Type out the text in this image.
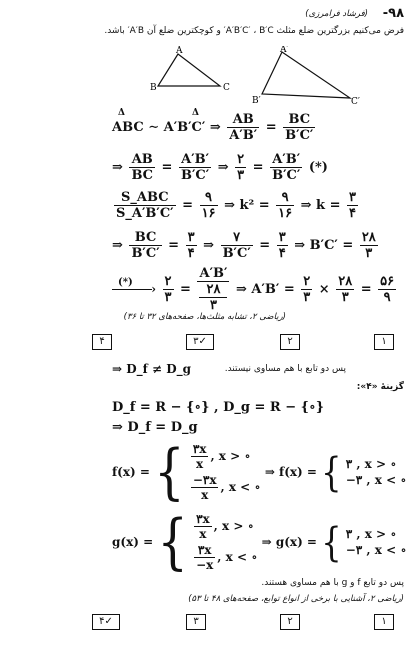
-۹۸
(فرشاد فرامرزی)
فرض می‌کنیم بزرگترین ضلع مثلث A′B′C′ ، B′C′ و کوچکترین ضلع آن A′B′ باشد.
A
B	C
A′
B′	C′
Δ	Δ
ABC ∼ A′B′C′ ⇒ $\frac{AB}{A'B'} = \frac{BC}{B'C'}$
⇒ $\frac{AB}{BC} = \frac{A'B'}{B'C'}$ ⇒ $\frac{۲}{۳} = \frac{A'B'}{B'C'}$ (*)
$\frac{\text{S\_ABC}}{S\_A'B'C'} = \frac{۹}{۱۶}$ ⇒ $k^2 = \frac{۹}{۱۶}$ ⇒ $k = \frac{۳}{۴}$
⇒ $\frac{BC}{B'C'} = \frac{۳}{۴}$ ⇒ $\frac{۷}{B'C'} = \frac{۳}{۴}$ ⇒ $B'C' = \frac{۲۸}{۳}$
(*) ›
$\frac{۲}{۳} = A'B'$
۲۸
۳ ⇒ $A'B' = \frac{۲}{۳} \times \frac{۲۸}{۳} = \frac{۵۶}{۹}$
(ریاضی ۲، تشابه مثلث‌ها، صفحه‌های ۳۲ تا ۳۶)
۴	۳✓	۲	۱
⇒ D_f ≠ D_g	پس دو تابع با هم مساوی نیستند.
گزینهٔ «۴»:
D_f = R − {∘} , D_g = R − {∘}
⇒ D_f = D_g
f(x) = { $\frac{۳x}{x}$ , x > ∘
$\frac{-۳x}{x}$ , x < ∘
⇒ f(x) = { ۳ , x > ∘
−۳ , x < ∘
g(x) = { $\frac{۳x}{x}$ , x > ∘
$\frac{۳x}{-x}$ , x < ∘
⇒ g(x) = { ۳ , x > ∘
−۳ , x < ∘
پس دو تابع f و g با هم مساوی هستند.
(ریاضی ۲، آشنایی با برخی از انواع توابع، صفحه‌های ۴۸ تا ۵۳)
۴✓	۳	۲	۱
